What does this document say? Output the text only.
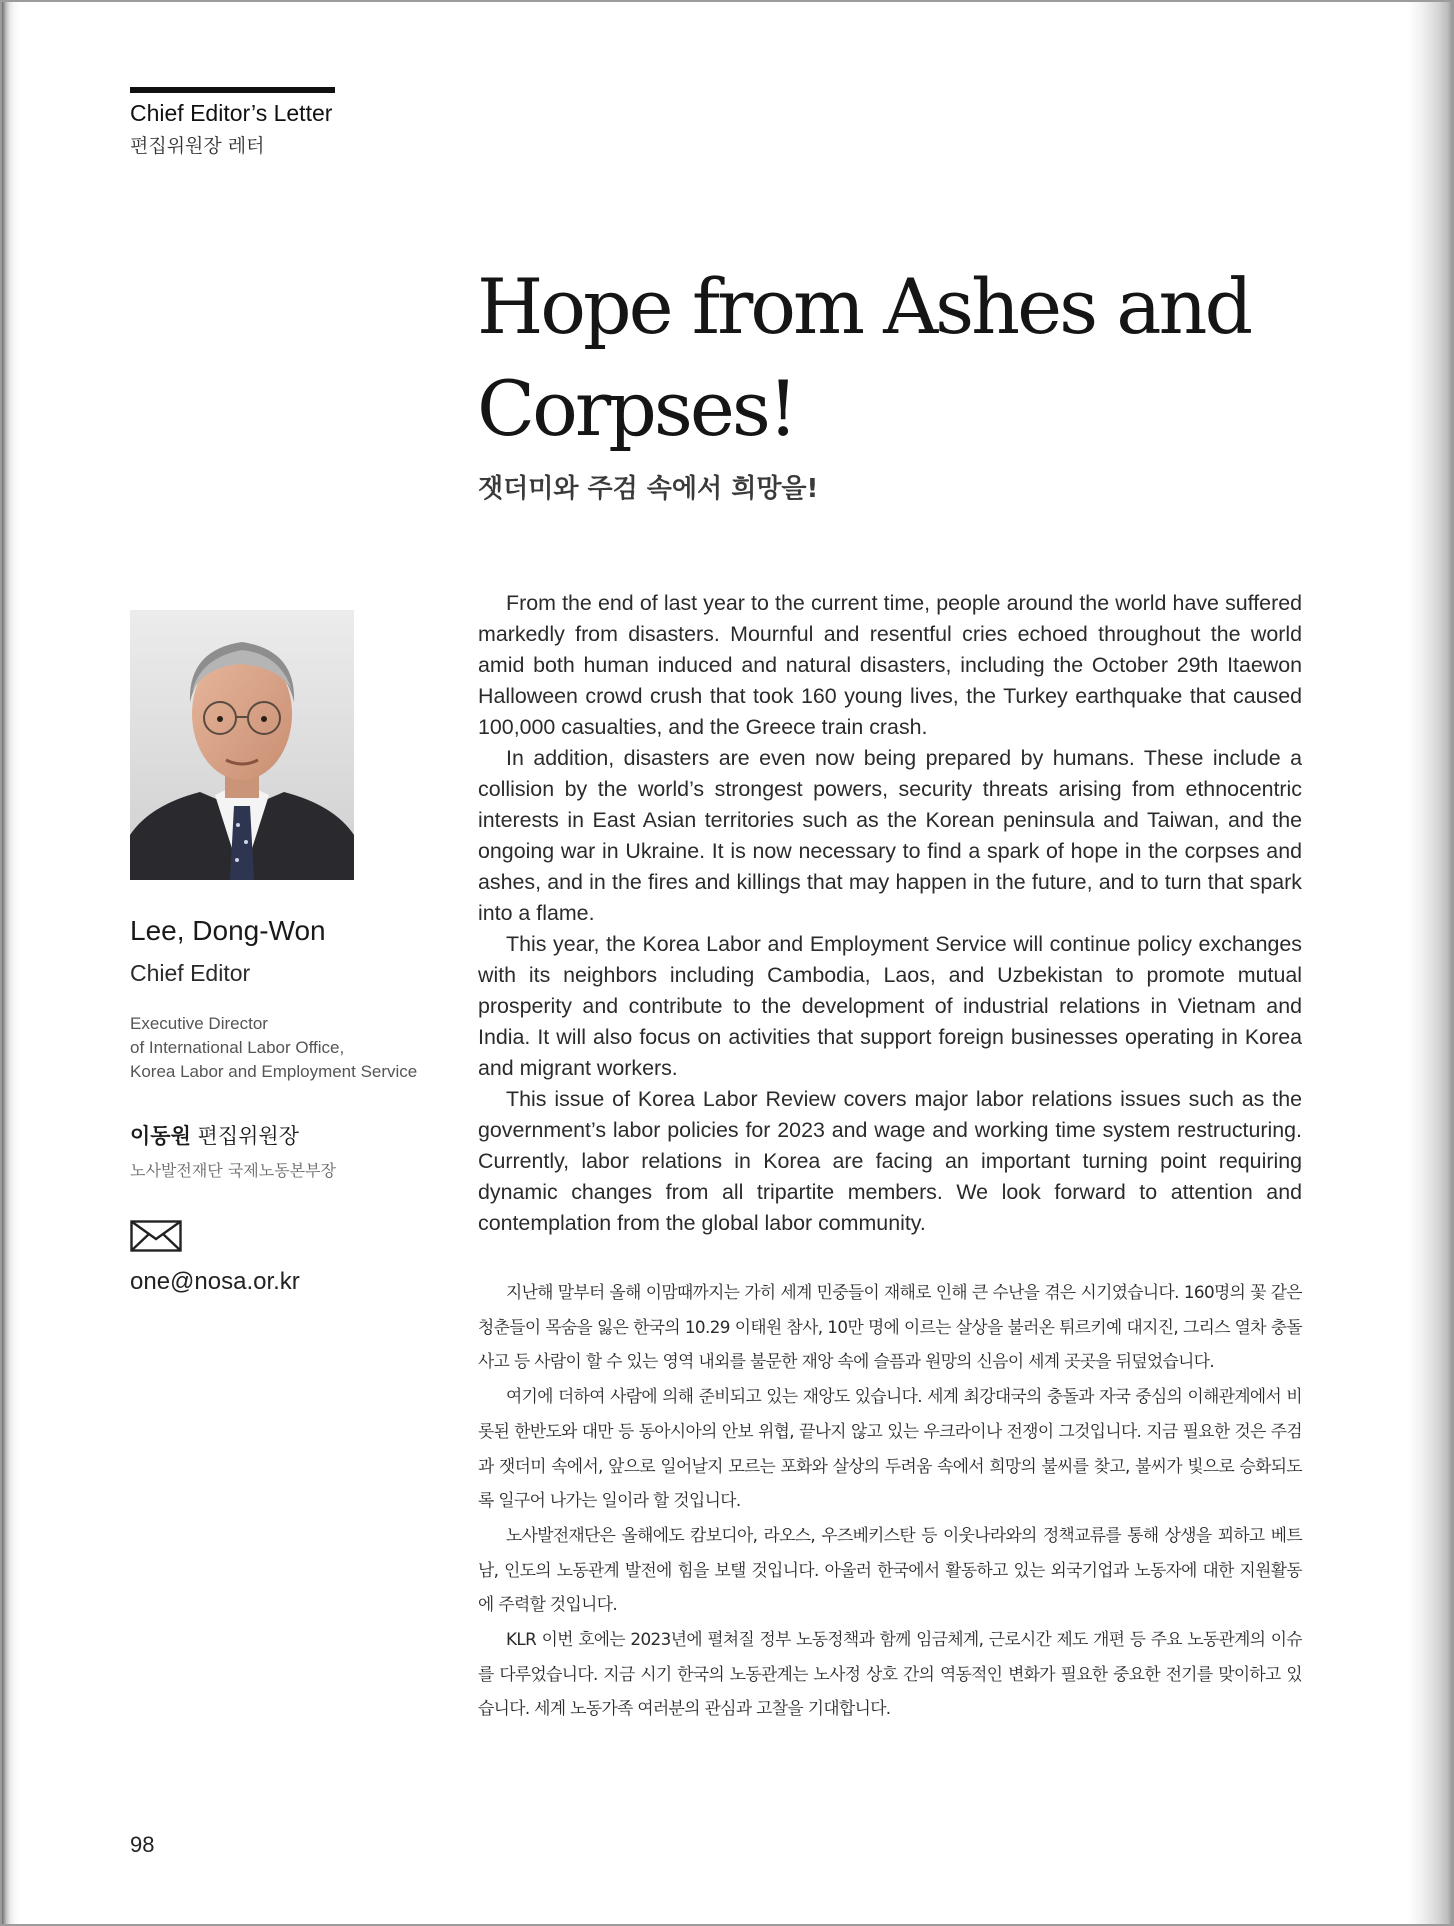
Chief Editor’s Letter
편집위원장 레터
Hope from Ashes and Corpses!
잿더미와 주검 속에서 희망을!
Lee, Dong-Won
Chief Editor
Executive Director
of International Labor Office,
Korea Labor and Employment Service
이동원 편집위원장
노사발전재단 국제노동본부장
one@nosa.or.kr

From the end of last year to the current time, people around the world have suffered markedly from disasters. Mournful and resentful cries echoed throughout the world amid both human induced and natural disasters, including the October 29th Itaewon Halloween crowd crush that took 160 young lives, the Turkey earthquake that caused 100,000 casualties, and the Greece train crash.

In addition, disasters are even now being prepared by humans. These include a collision by the world’s strongest powers, security threats arising from ethnocentric interests in East Asian territories such as the Korean peninsula and Taiwan, and the ongoing war in Ukraine. It is now necessary to find a spark of hope in the corpses and ashes, and in the fires and killings that may happen in the future, and to turn that spark into a flame.

This year, the Korea Labor and Employment Service will continue policy exchanges with its neighbors including Cambodia, Laos, and Uzbekistan to promote mutual prosperity and contribute to the development of industrial relations in Vietnam and India. It will also focus on activities that support foreign businesses operating in Korea and migrant workers.

This issue of Korea Labor Review covers major labor relations issues such as the government’s labor policies for 2023 and wage and working time system restructuring. Currently, labor relations in Korea are facing an important turning point requiring dynamic changes from all tripartite members. We look forward to attention and contemplation from the global labor community.

지난해 말부터 올해 이맘때까지는 가히 세계 민중들이 재해로 인해 큰 수난을 겪은 시기였습니다. 160명의 꽃 같은 청춘들이 목숨을 잃은 한국의 10.29 이태원 참사, 10만 명에 이르는 살상을 불러온 튀르키예 대지진, 그리스 열차 충돌사고 등 사람이 할 수 있는 영역 내외를 불문한 재앙 속에 슬픔과 원망의 신음이 세계 곳곳을 뒤덮었습니다.

여기에 더하여 사람에 의해 준비되고 있는 재앙도 있습니다. 세계 최강대국의 충돌과 자국 중심의 이해관계에서 비롯된 한반도와 대만 등 동아시아의 안보 위협, 끝나지 않고 있는 우크라이나 전쟁이 그것입니다. 지금 필요한 것은 주검과 잿더미 속에서, 앞으로 일어날지 모르는 포화와 살상의 두려움 속에서 희망의 불씨를 찾고, 불씨가 빛으로 승화되도록 일구어 나가는 일이라 할 것입니다.

노사발전재단은 올해에도 캄보디아, 라오스, 우즈베키스탄 등 이웃나라와의 정책교류를 통해 상생을 꾀하고 베트남, 인도의 노동관계 발전에 힘을 보탤 것입니다. 아울러 한국에서 활동하고 있는 외국기업과 노동자에 대한 지원활동에 주력할 것입니다.

KLR 이번 호에는 2023년에 펼쳐질 정부 노동정책과 함께 임금체계, 근로시간 제도 개편 등 주요 노동관계의 이슈를 다루었습니다. 지금 시기 한국의 노동관계는 노사정 상호 간의 역동적인 변화가 필요한 중요한 전기를 맞이하고 있습니다. 세계 노동가족 여러분의 관심과 고찰을 기대합니다.

98
